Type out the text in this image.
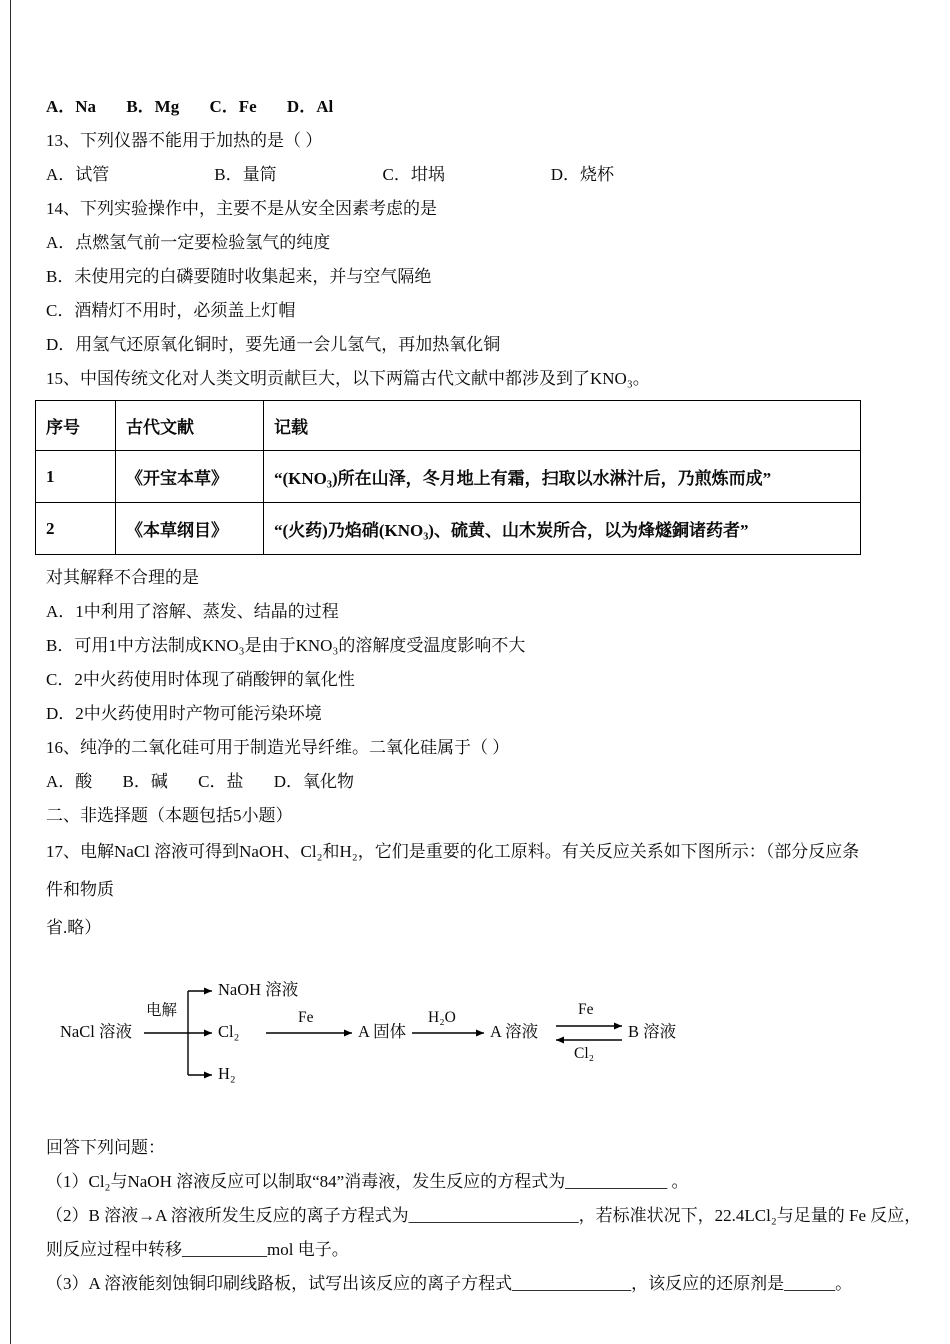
A．Na B．Mg C．Fe D．Al
13、下列仪器不能用于加热的是（ ）
A．试管	B．量筒	C．坩埚	D．烧杯
14、下列实验操作中，主要不是从安全因素考虑的是
A．点燃氢气前一定要检验氢气的纯度
B．未使用完的白磷要随时收集起来，并与空气隔绝
C．酒精灯不用时，必须盖上灯帽
D．用氢气还原氧化铜时，要先通一会儿氢气，再加热氧化铜
15、中国传统文化对人类文明贡献巨大，以下两篇古代文献中都涉及到了KNO₃。
序号	古代文献	记载
1	《开宝本草》	“(KNO₃)所在山泽，冬月地上有霜，扫取以水淋汁后，乃煎炼而成”
2	《本草纲目》	“(火药)乃焰硝(KNO₃)、硫黄、山木炭所合，以为烽燧銅诸药者”
对其解释不合理的是
A．1中利用了溶解、蒸发、结晶的过程
B．可用1中方法制成KNO₃是由于KNO₃的溶解度受温度影响不大
C．2中火药使用时体现了硝酸钾的氧化性
D．2中火药使用时产物可能污染环境
16、纯净的二氧化硅可用于制造光导纤维。二氧化硅属于（ ）
A．酸 B．碱 C．盐 D．氧化物
二、非选择题（本题包括5小题）
17、电解NaCl 溶液可得到NaOH、Cl₂和H₂，它们是重要的化工原料。有关反应关系如下图所示：（部分反应条件和物质
省.略）
NaCl 溶液
电解
NaOH 溶液
Cl₂
H₂
Fe
A 固体
H₂O
A 溶液
Fe
Cl₂
B 溶液
回答下列问题：
（1）Cl₂与NaOH 溶液反应可以制取“84”消毒液，发生反应的方程式为____________ 。
（2）B 溶液→A 溶液所发生反应的离子方程式为____________________，若标准状况下，22.4LCl₂与足量的 Fe 反应，
则反应过程中转移__________mol 电子。
（3）A 溶液能刻蚀铜印刷线路板，试写出该反应的离子方程式______________，该反应的还原剂是______。
